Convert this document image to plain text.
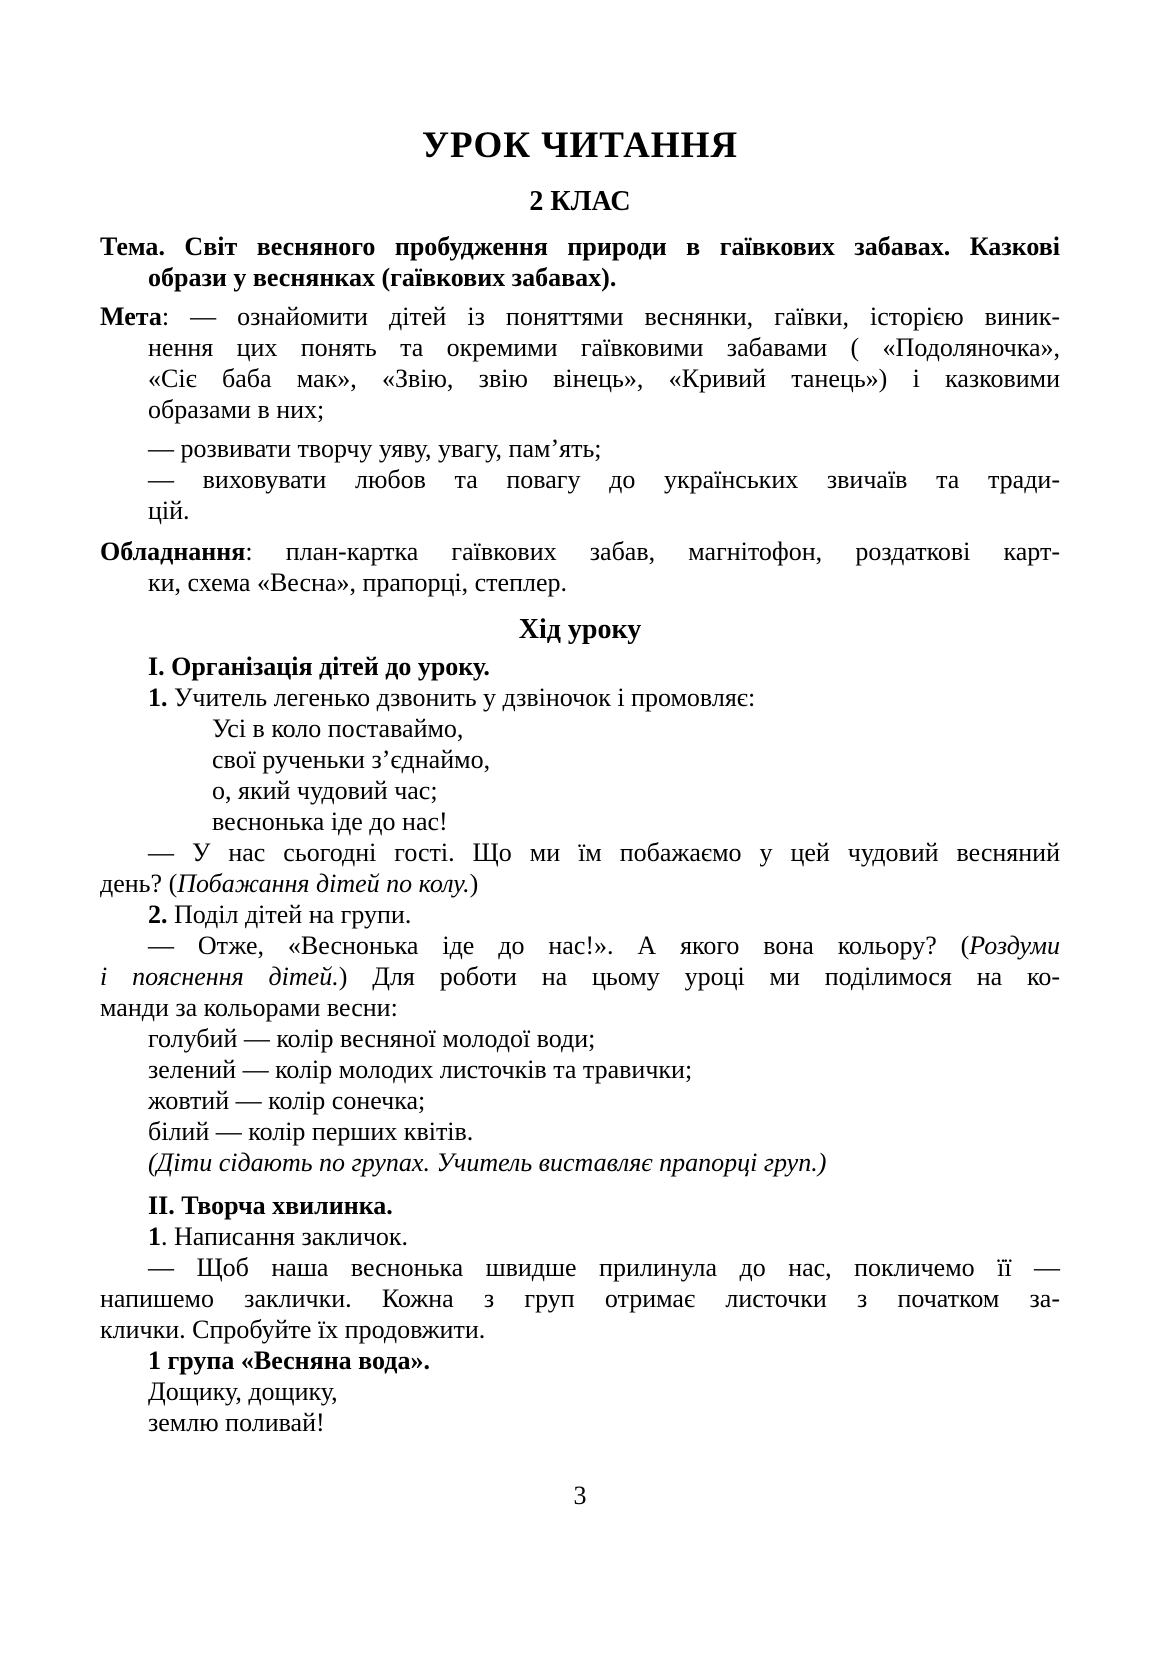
УРОК ЧИТАННЯ
2 КЛАС
Тема. Світ весняного пробудження природи в гаївкових забавах. Казкові
образи у веснянках (гаївкових забавах).
Мета: — ознайомити дітей із поняттями веснянки, гаївки, історією виник-
нення цих понять та окремими гаївковими забавами ( «Подоляночка»,
«Сіє баба мак», «Звію, звію вінець», «Кривий танець») і казковими
образами в них;
— розвивати творчу уяву, увагу, пам’ять;
— виховувати любов та повагу до українських звичаїв та тради-
цій.
Обладнання: план-картка гаївкових забав, магнітофон, роздаткові карт-
ки, схема «Весна», прапорці, степлер.
Хід уроку
І. Організація дітей до уроку.
1. Учитель легенько дзвонить у дзвіночок і промовляє:
Усі в коло поставаймо,
свої рученьки з’єднаймо,
о, який чудовий час;
веснонька іде до нас!
— У нас сьогодні гості. Що ми їм побажаємо у цей чудовий весняний
день? (Побажання дітей по колу.)
2. Поділ дітей на групи.
— Отже, «Веснонька іде до нас!». А якого вона кольору? (Роздуми
і пояснення дітей.) Для роботи на цьому уроці ми поділимося на ко-
манди за кольорами весни:
голубий — колір весняної молодої води;
зелений — колір молодих листочків та травички;
жовтий — колір сонечка;
білий — колір перших квітів.
(Діти сідають по групах. Учитель виставляє прапорці груп.)
ІІ. Творча хвилинка.
1. Написання закличок.
— Щоб наша веснонька швидше прилинула до нас, покличемо її —
напишемо заклички. Кожна з груп отримає листочки з початком за-
клички. Спробуйте їх продовжити.
1 група «Весняна вода».
Дощику, дощику,
землю поливай!
3
